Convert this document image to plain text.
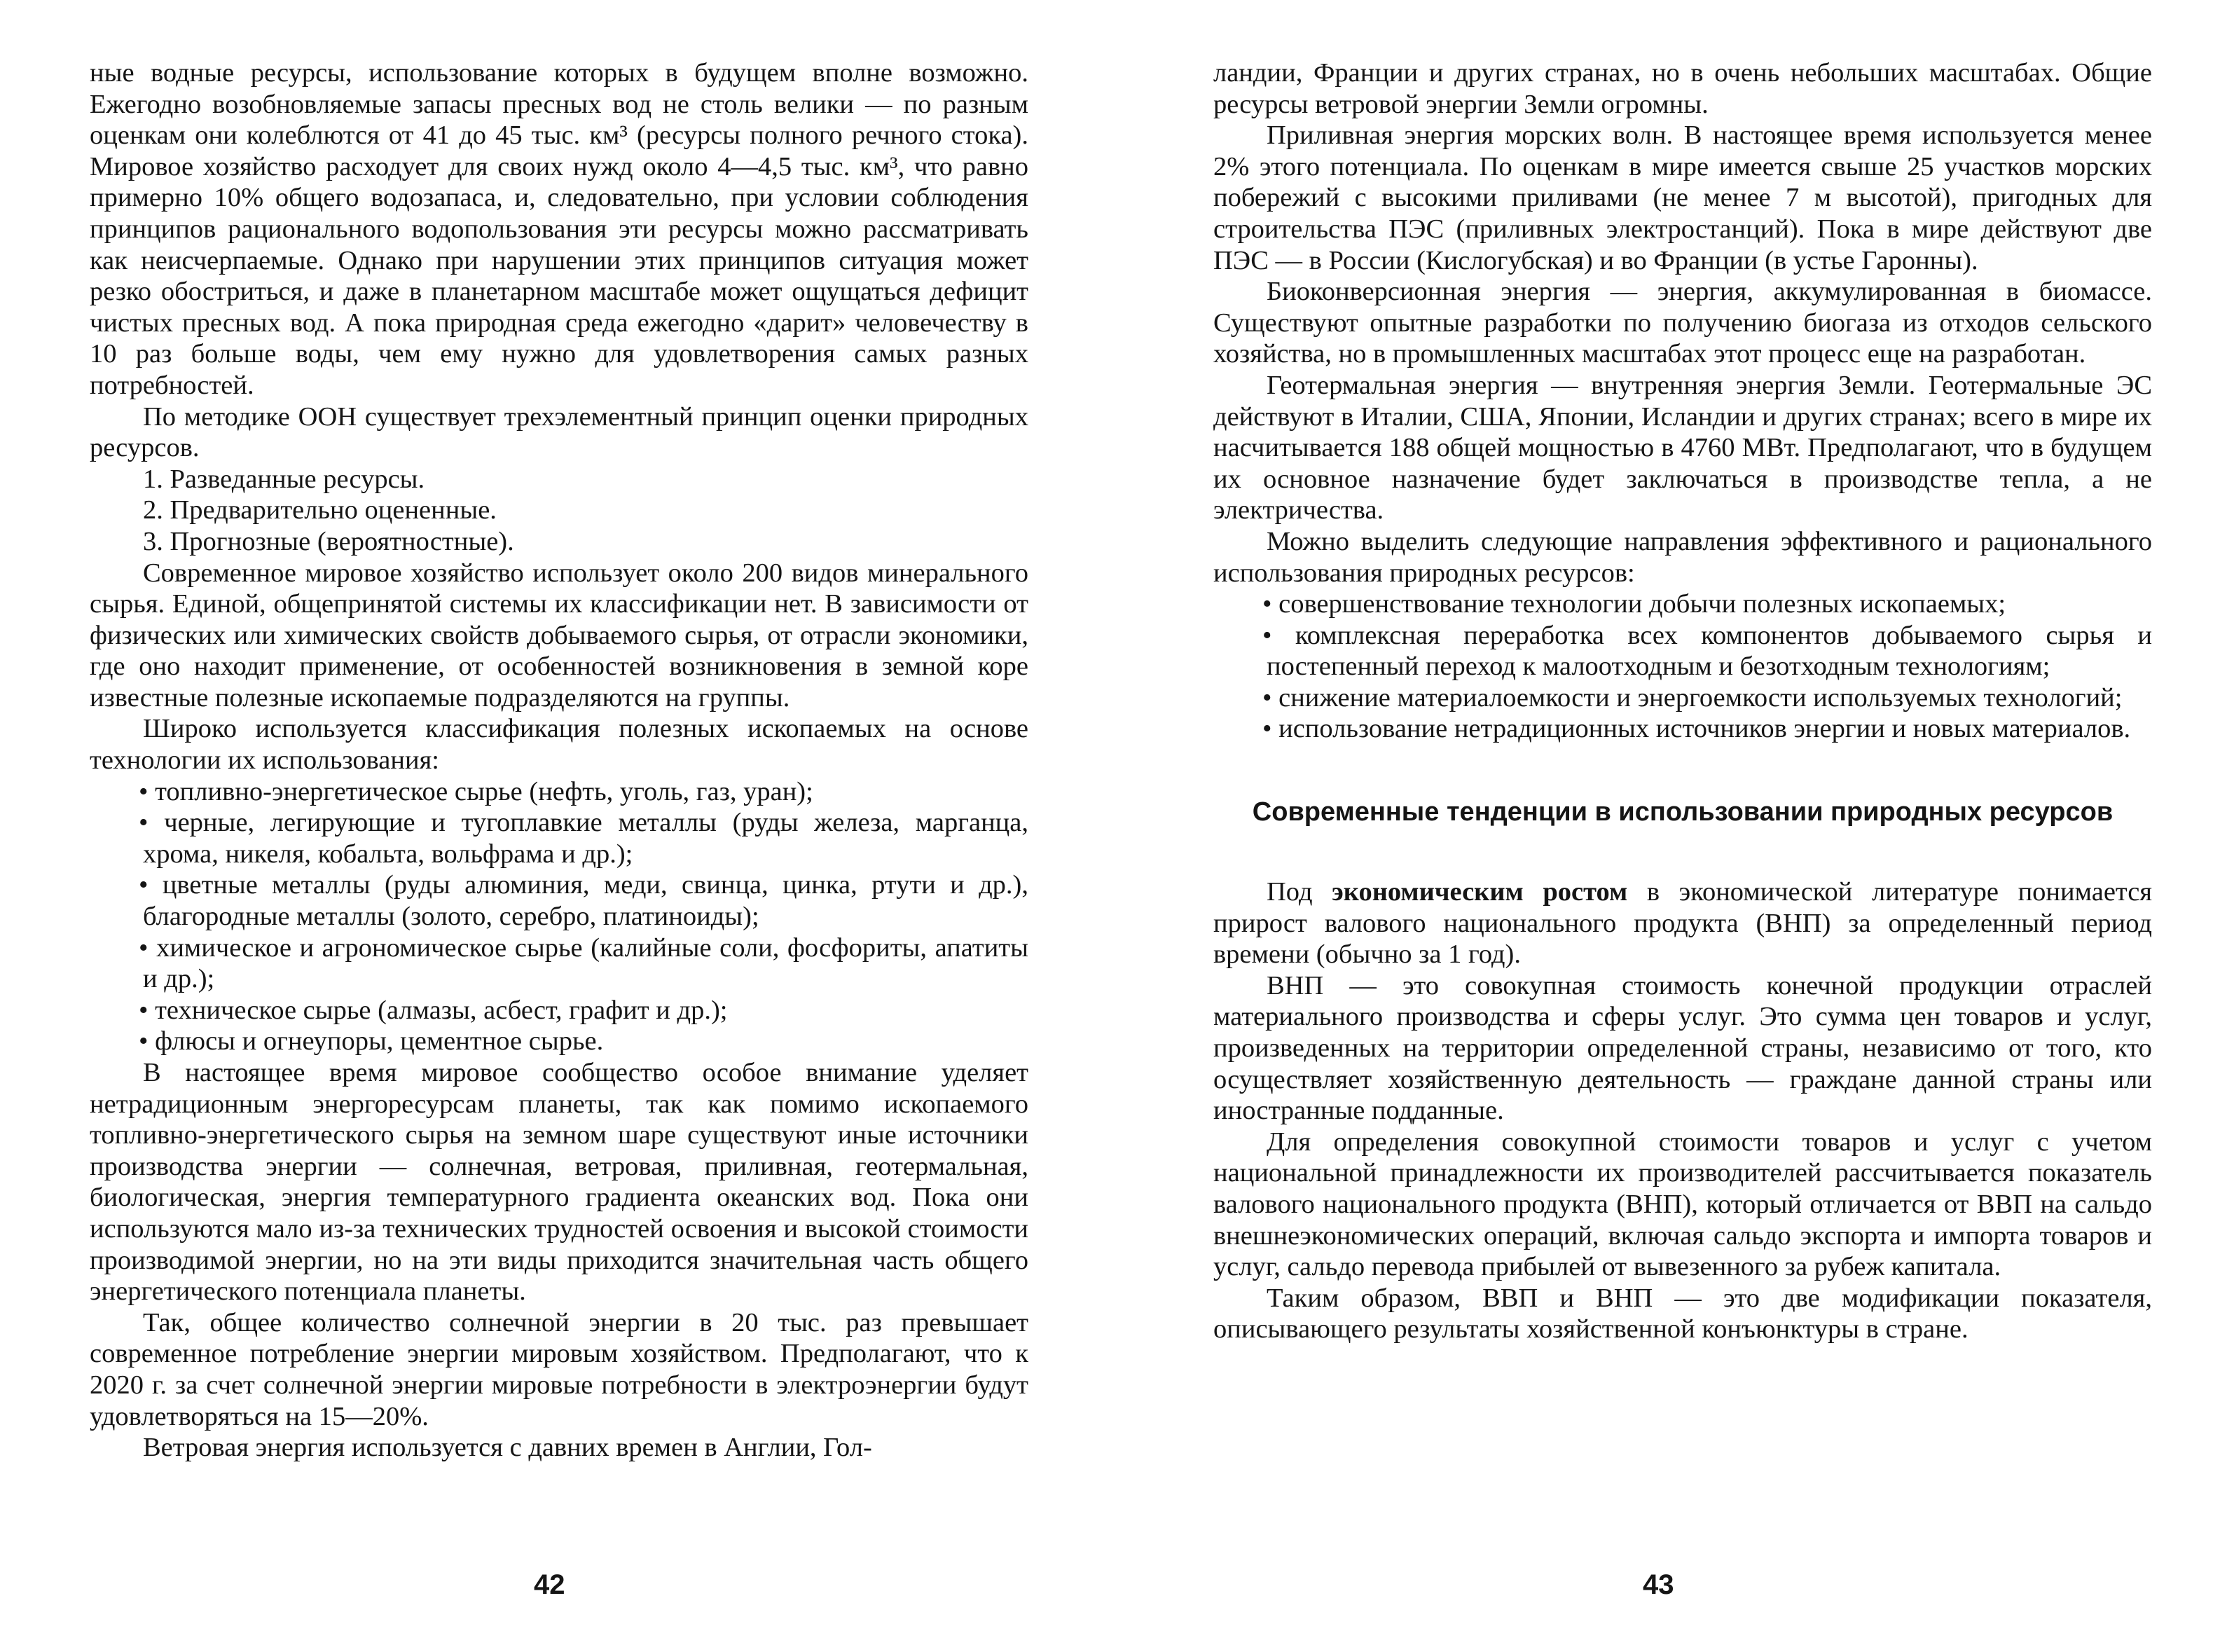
ные водные ресурсы, использование которых в будущем вполне возможно. Ежегодно возобновляемые запасы пресных вод не столь велики — по разным оценкам они колеблются от 41 до 45 тыс. км³ (ресурсы полного речного стока). Мировое хозяйство расходует для своих нужд около 4—4,5 тыс. км³, что равно примерно 10% общего водозапаса, и, следовательно, при условии соблюдения принципов рационального водопользования эти ресурсы можно рассматривать как неисчерпаемые. Однако при нарушении этих принципов ситуация может резко обостриться, и даже в планетарном масштабе может ощущаться дефицит чистых пресных вод. А пока природная среда ежегодно «дарит» человечеству в 10 раз больше воды, чем ему нужно для удовлетворения самых разных потребностей.

По методике ООН существует трехэлементный принцип оценки природных ресурсов.

1. Разведанные ресурсы.

2. Предварительно оцененные.

3. Прогнозные (вероятностные).

Современное мировое хозяйство использует около 200 видов минерального сырья. Единой, общепринятой системы их классификации нет. В зависимости от физических или химических свойств добываемого сырья, от отрасли экономики, где оно находит применение, от особенностей возникновения в земной коре известные полезные ископаемые подразделяются на группы.

Широко используется классификация полезных ископаемых на основе технологии их использования:

• топливно-энергетическое сырье (нефть, уголь, газ, уран);

• черные, легирующие и тугоплавкие металлы (руды железа, марганца, хрома, никеля, кобальта, вольфрама и др.);

• цветные металлы (руды алюминия, меди, свинца, цинка, ртути и др.), благородные металлы (золото, серебро, платиноиды);

• химическое и агрономическое сырье (калийные соли, фосфориты, апатиты и др.);

• техническое сырье (алмазы, асбест, графит и др.);

• флюсы и огнеупоры, цементное сырье.

В настоящее время мировое сообщество особое внимание уделяет нетрадиционным энергоресурсам планеты, так как помимо ископаемого топливно-энергетического сырья на земном шаре существуют иные источники производства энергии — солнечная, ветровая, приливная, геотермальная, биологическая, энергия температурного градиента океанских вод. Пока они используются мало из-за технических трудностей освоения и высокой стоимости производимой энергии, но на эти виды приходится значительная часть общего энергетического потенциала планеты.

Так, общее количество солнечной энергии в 20 тыс. раз превышает современное потребление энергии мировым хозяйством. Предполагают, что к 2020 г. за счет солнечной энергии мировые потребности в электроэнергии будут удовлетворяться на 15—20%.

Ветровая энергия используется с давних времен в Англии, Гол-

42

ландии, Франции и других странах, но в очень небольших масштабах. Общие ресурсы ветровой энергии Земли огромны.

Приливная энергия морских волн. В настоящее время используется менее 2% этого потенциала. По оценкам в мире имеется свыше 25 участков морских побережий с высокими приливами (не менее 7 м высотой), пригодных для строительства ПЭС (приливных электростанций). Пока в мире действуют две ПЭС — в России (Кислогубская) и во Франции (в устье Гаронны).

Биоконверсионная энергия — энергия, аккумулированная в биомассе. Существуют опытные разработки по получению биогаза из отходов сельского хозяйства, но в промышленных масштабах этот процесс еще на разработан.

Геотермальная энергия — внутренняя энергия Земли. Геотермальные ЭС действуют в Италии, США, Японии, Исландии и других странах; всего в мире их насчитывается 188 общей мощностью в 4760 МВт. Предполагают, что в будущем их основное назначение будет заключаться в производстве тепла, а не электричества.

Можно выделить следующие направления эффективного и рационального использования природных ресурсов:

• совершенствование технологии добычи полезных ископаемых;

• комплексная переработка всех компонентов добываемого сырья и постепенный переход к малоотходным и безотходным технологиям;

• снижение материалоемкости и энергоемкости используемых технологий;

• использование нетрадиционных источников энергии и новых материалов.

Современные тенденции в использовании природных ресурсов

Под экономическим ростом в экономической литературе понимается прирост валового национального продукта (ВНП) за определенный период времени (обычно за 1 год).

ВНП — это совокупная стоимость конечной продукции отраслей материального производства и сферы услуг. Это сумма цен товаров и услуг, произведенных на территории определенной страны, независимо от того, кто осуществляет хозяйственную деятельность — граждане данной страны или иностранные подданные.

Для определения совокупной стоимости товаров и услуг с учетом национальной принадлежности их производителей рассчитывается показатель валового национального продукта (ВНП), который отличается от ВВП на сальдо внешнеэкономических операций, включая сальдо экспорта и импорта товаров и услуг, сальдо перевода прибылей от вывезенного за рубеж капитала.

Таким образом, ВВП и ВНП — это две модификации показателя, описывающего результаты хозяйственной конъюнктуры в стране.

43
